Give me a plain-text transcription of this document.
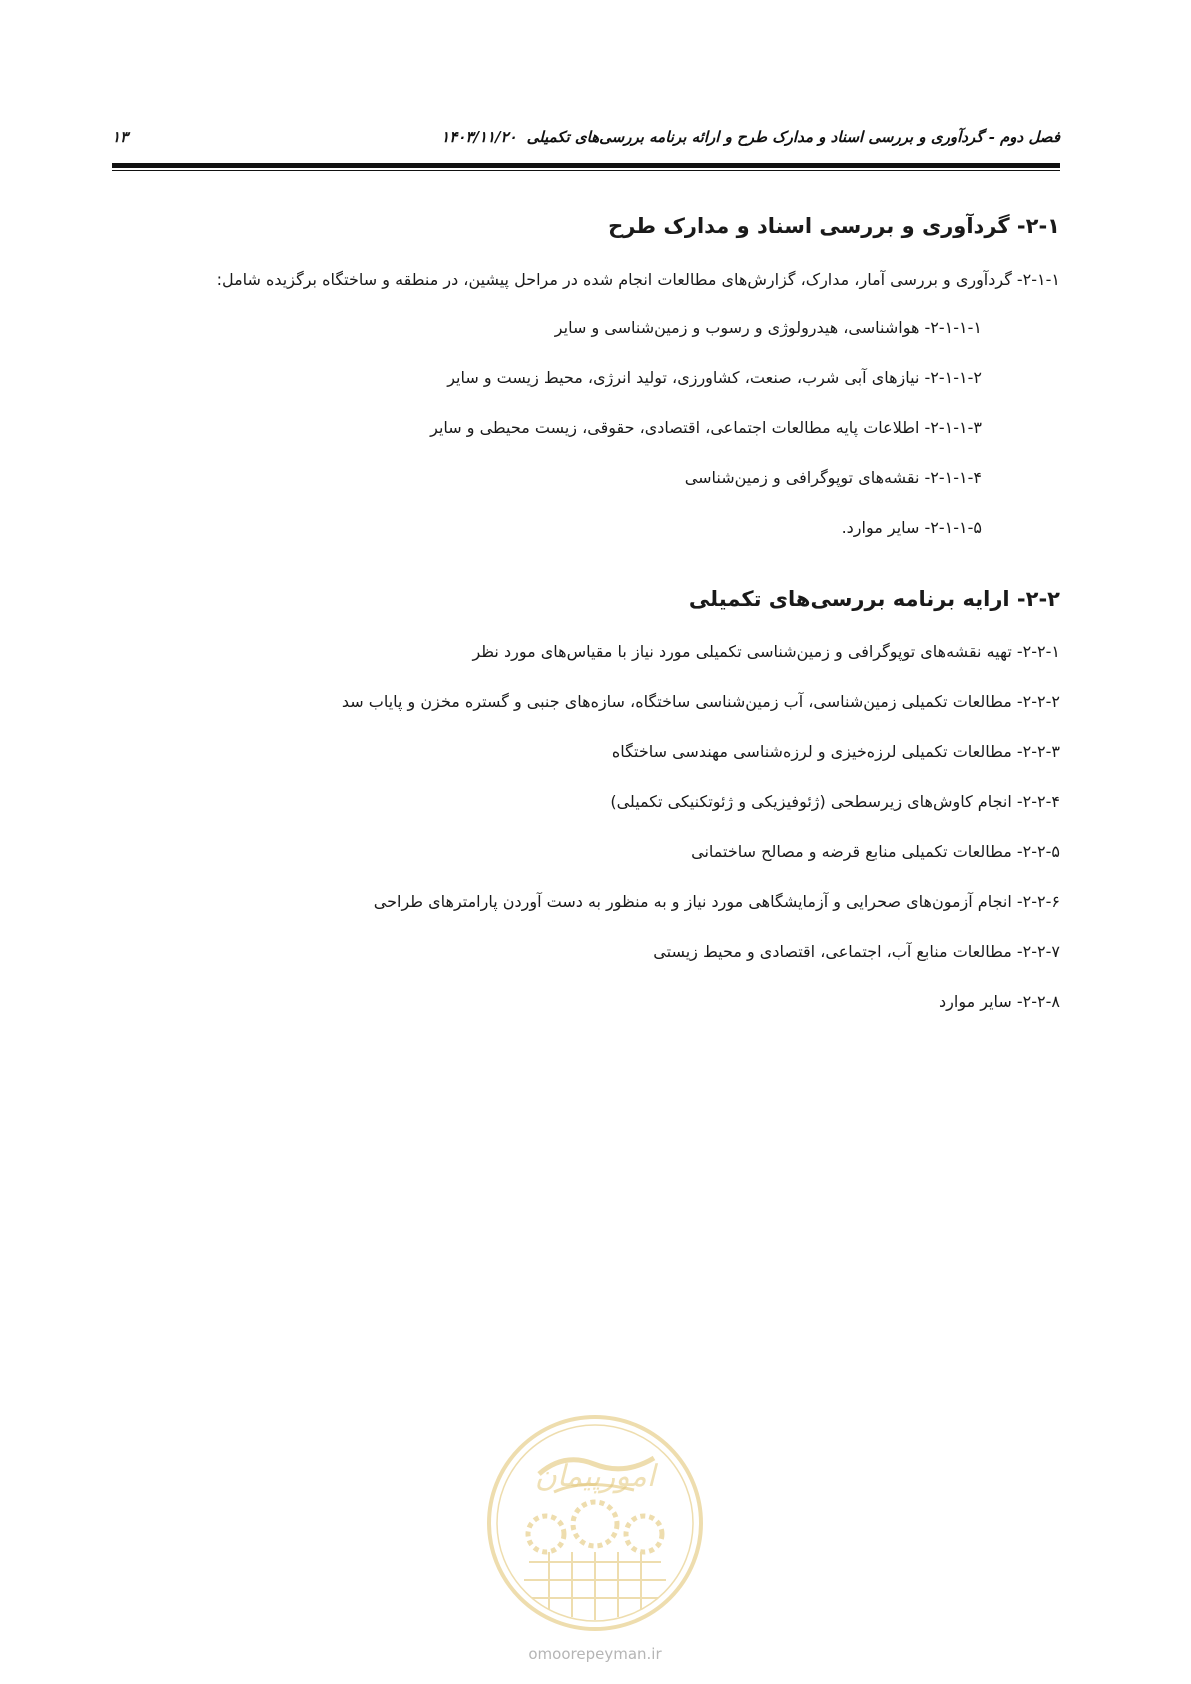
فصل دوم - گردآوری و بررسی اسناد و مدارک طرح و ارائه برنامه بررسی‌های تکمیلی۱۴۰۳/۱۱/۲۰
۱۳
۲-۱- گردآوری و بررسی اسناد و مدارک طرح

۲-۱-۱- گردآوری و بررسی آمار، مدارک، گزارش‌های مطالعات انجام شده در مراحل پیشین، در منطقه و ساختگاه برگزیده شامل:

۲-۱-۱-۱- هواشناسی، هیدرولوژی و رسوب و زمین‌شناسی و سایر
۲-۱-۱-۲- نیازهای آبی شرب، صنعت، کشاورزی، تولید انرژی، محیط زیست و سایر
۲-۱-۱-۳- اطلاعات پایه مطالعات اجتماعی، اقتصادی، حقوقی، زیست محیطی و سایر
۲-۱-۱-۴- نقشه‌های توپوگرافی و زمین‌شناسی
۲-۱-۱-۵- سایر موارد.
۲-۲- ارایه برنامه بررسی‌های تکمیلی
۲-۲-۱- تهیه نقشه‌های توپوگرافی و زمین‌شناسی تکمیلی مورد نیاز با مقیاس‌های مورد نظر
۲-۲-۲- مطالعات تکمیلی زمین‌شناسی، آب زمین‌شناسی ساختگاه، سازه‌های جنبی و گستره مخزن و پایاب سد
۲-۲-۳- مطالعات تکمیلی لرزه‌خیزی و لرزه‌شناسی مهندسی ساختگاه
۲-۲-۴- انجام کاوش‌های زیرسطحی (ژئوفیزیکی و ژئوتکنیکی تکمیلی)
۲-۲-۵- مطالعات تکمیلی منابع قرضه و مصالح ساختمانی
۲-۲-۶- انجام آزمون‌های صحرایی و آزمایشگاهی مورد نیاز و به منظور به دست آوردن پارامترهای طراحی
۲-۲-۷- مطالعات منابع آب، اجتماعی، اقتصادی و محیط زیستی
۲-۲-۸- سایر موارد
امورپیمان
omoorepeyman.ir
